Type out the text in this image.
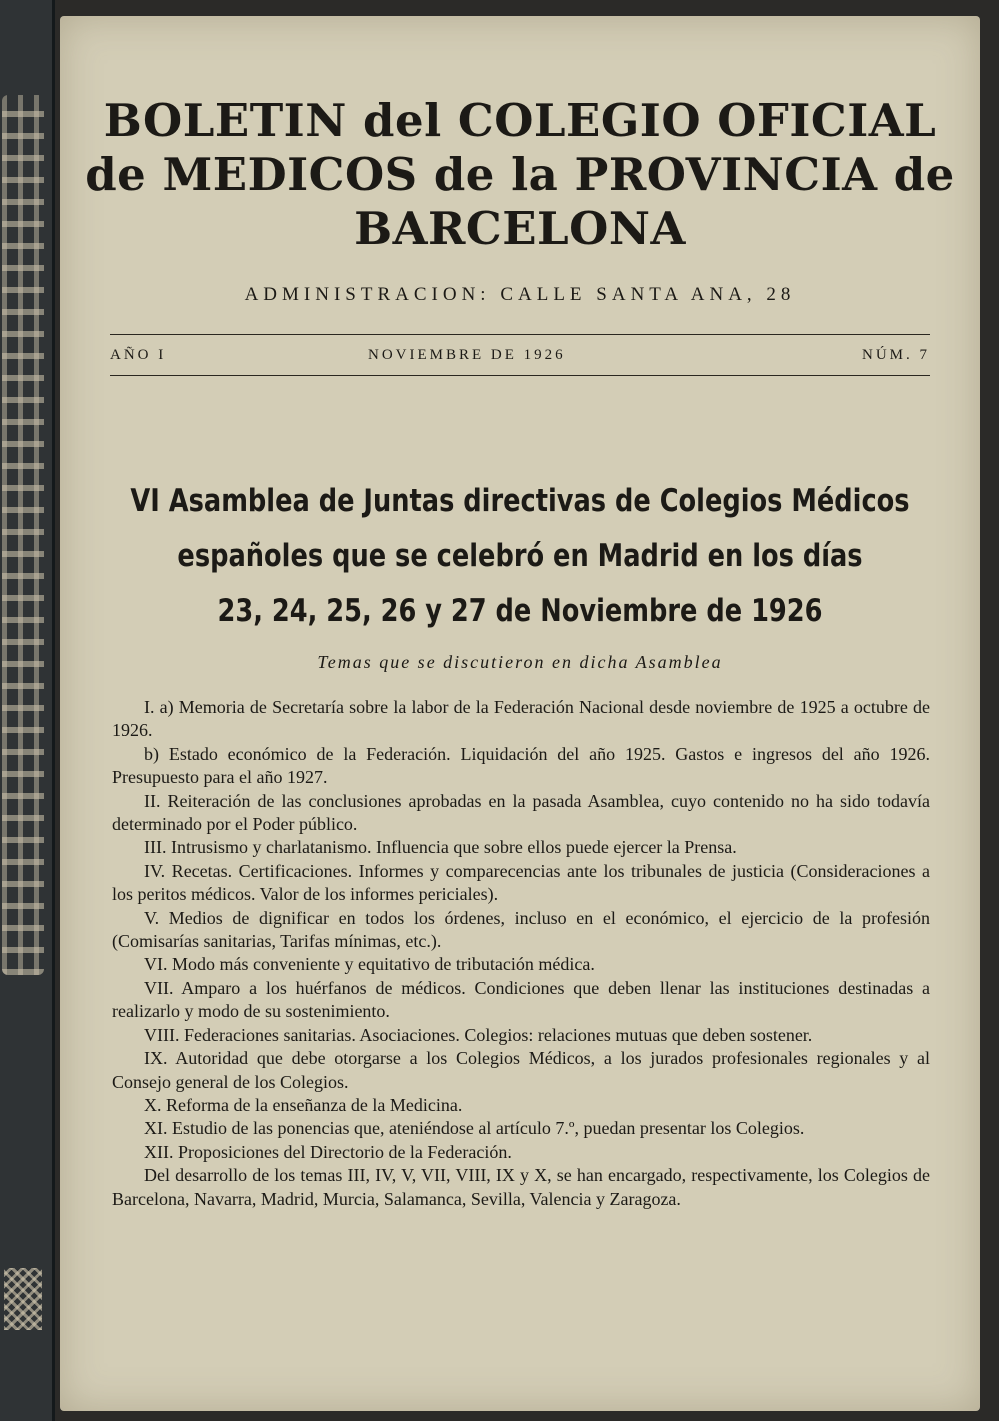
BOLETIN del COLEGIO OFICIAL
de MEDICOS de la PROVINCIA de
BARCELONA
ADMINISTRACION: CALLE SANTA ANA, 28
AÑO I	NOVIEMBRE DE 1926	NÚM. 7
VI Asamblea de Juntas directivas de Colegios Médicos
españoles que se celebró en Madrid en los días
23, 24, 25, 26 y 27 de Noviembre de 1926
Temas que se discutieron en dicha Asamblea

I. a) Memoria de Secretaría sobre la labor de la Federación Nacional desde noviembre de 1925 a octubre de 1926.

b) Estado económico de la Federación. Liquidación del año 1925. Gastos e ingresos del año 1926. Presupuesto para el año 1927.

II. Reiteración de las conclusiones aprobadas en la pasada Asamblea, cuyo contenido no ha sido todavía determinado por el Poder público.

III. Intrusismo y charlatanismo. Influencia que sobre ellos puede ejercer la Prensa.

IV. Recetas. Certificaciones. Informes y comparecencias ante los tribunales de justicia (Consideraciones a los peritos médicos. Valor de los informes periciales).

V. Medios de dignificar en todos los órdenes, incluso en el económico, el ejercicio de la profesión (Comisarías sanitarias, Tarifas mínimas, etc.).

VI. Modo más conveniente y equitativo de tributación médica.

VII. Amparo a los huérfanos de médicos. Condiciones que deben llenar las instituciones destinadas a realizarlo y modo de su sostenimiento.

VIII. Federaciones sanitarias. Asociaciones. Colegios: relaciones mutuas que deben sostener.

IX. Autoridad que debe otorgarse a los Colegios Médicos, a los jurados profesionales regionales y al Consejo general de los Colegios.

X. Reforma de la enseñanza de la Medicina.

XI. Estudio de las ponencias que, ateniéndose al artículo 7.º, puedan presentar los Colegios.

XII. Proposiciones del Directorio de la Federación.

Del desarrollo de los temas III, IV, V, VII, VIII, IX y X, se han encargado, respectivamente, los Colegios de Barcelona, Navarra, Madrid, Murcia, Salamanca, Sevilla, Valencia y Zaragoza.
